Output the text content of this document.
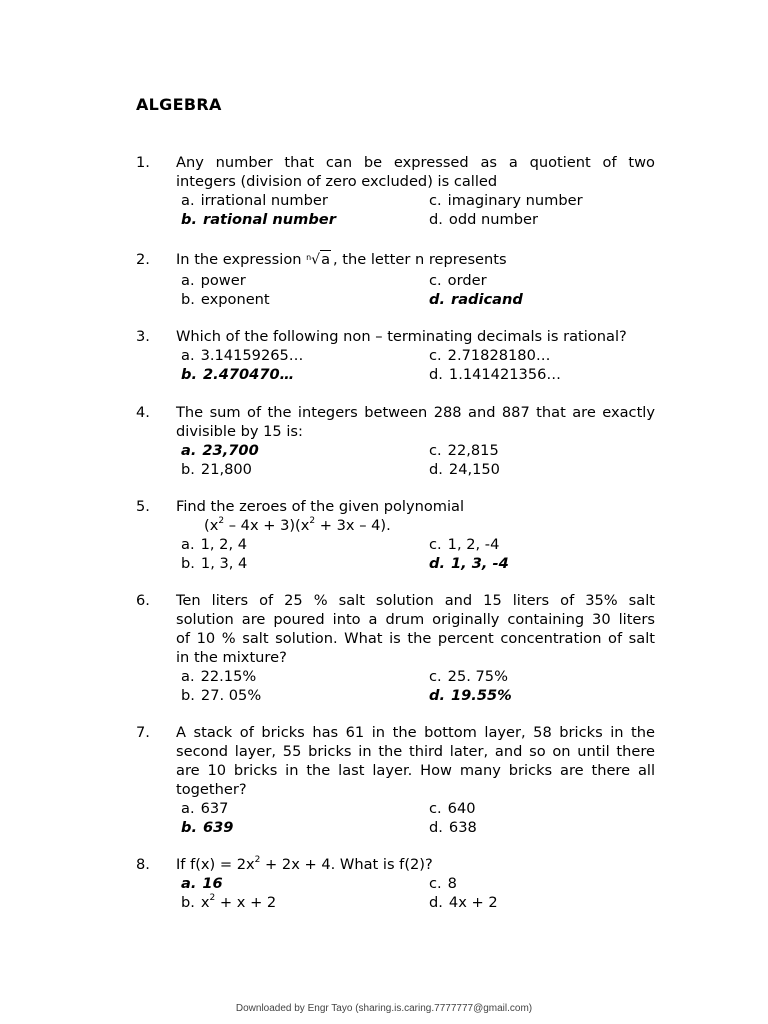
ALGEBRA
1. Any number that can be expressed as a quotient of two
integers (division of zero excluded) is called
a. irrational number
b. rational number
c. imaginary number
d. odd number
2. In the expression n √a , the letter n represents
a. power
b. exponent
c. order
d. radicand
3. Which of the following non – terminating decimals is rational?
a. 3.14159265…
b. 2.470470…
c. 2.71828180…
d. 1.141421356…
4. The sum of the integers between 288 and 887 that are exactly
divisible by 15 is:
a. 23,700
b. 21,800
c. 22,815
d. 24,150
5. Find the zeroes of the given polynomial
$(x^2 - 4x + 3)(x^2 + 3x - 4)$.
a. 1, 2, 4
b. 1, 3, 4
c. 1, 2, -4
d. 1, 3, -4
6. Ten liters of 25 % salt solution and 15 liters of 35% salt
solution are poured into a drum originally containing 30 liters
of 10 % salt solution. What is the percent concentration of salt
in the mixture?
a. 22.15%
b. 27. 05%
c. 25. 75%
d. 19.55%
7. A stack of bricks has 61 in the bottom layer, 58 bricks in the
second layer, 55 bricks in the third later, and so on until there
are 10 bricks in the last layer. How many bricks are there all
together?
a. 637
b. 639
c. 640
d. 638
8. If $f(x) = 2x^2 + 2x + 4$. What is f(2)?
a. 16
b. $x^2 + x + 2$
c. 8
d. 4x + 2
Downloaded by Engr Tayo (sharing.is.caring.7777777@gmail.com)
